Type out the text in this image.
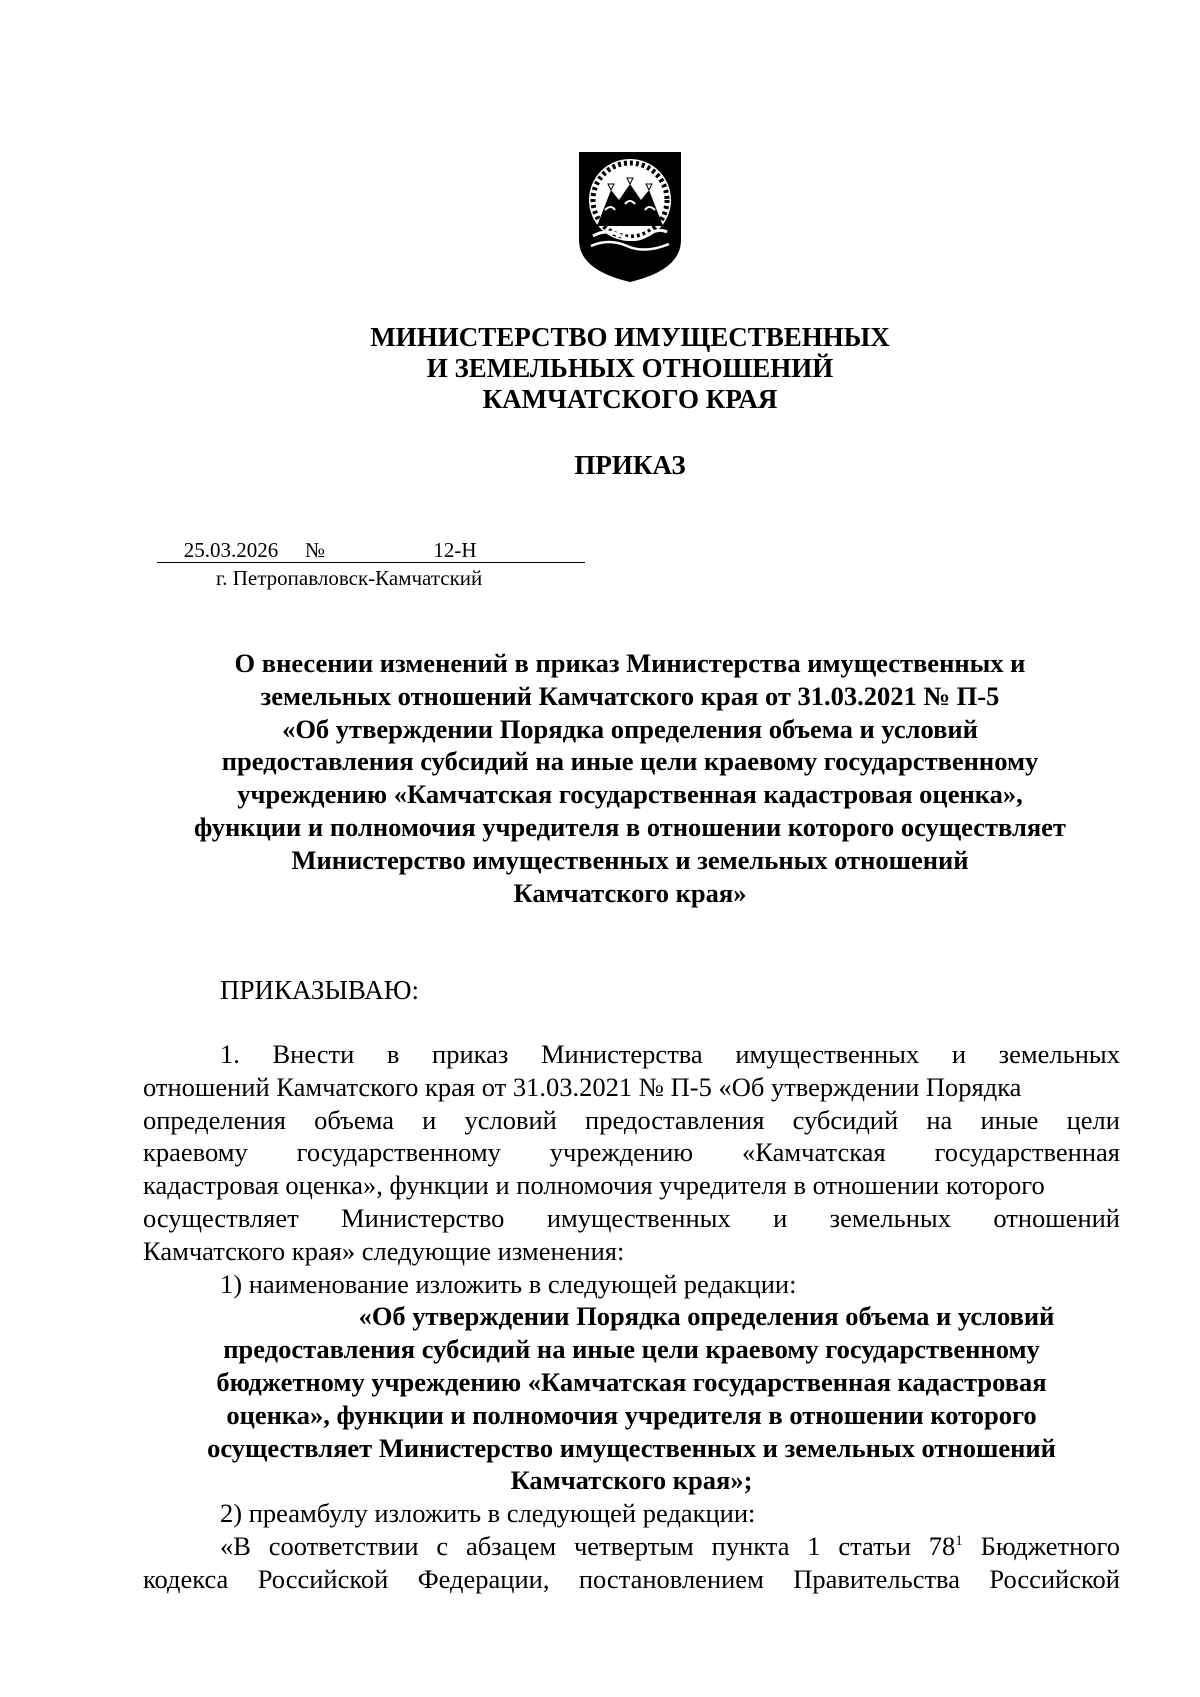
МИНИСТЕРСТВО ИМУЩЕСТВЕННЫХ
И ЗЕМЕЛЬНЫХ ОТНОШЕНИЙ
КАМЧАТСКОГО КРАЯ
ПРИКАЗ
25.03.2026 №	12-Н
г. Петропавловск-Камчатский
О внесении изменений в приказ Министерства имущественных и
земельных отношений Камчатского края от 31.03.2021 № П-5
«Об утверждении Порядка определения объема и условий
предоставления субсидий на иные цели краевому государственному
учреждению «Камчатская государственная кадастровая оценка»,
функции и полномочия учредителя в отношении которого осуществляет
Министерство имущественных и земельных отношений
Камчатского края»
ПРИКАЗЫВАЮ:
1. Внести в приказ Министерства имущественных и земельных
отношений Камчатского края от 31.03.2021 № П-5 «Об утверждении Порядка
определения объема и условий предоставления субсидий на иные цели
краевому государственному учреждению «Камчатская государственная
кадастровая оценка», функции и полномочия учредителя в отношении которого
осуществляет Министерство имущественных и земельных отношений
Камчатского края» следующие изменения:
1) наименование изложить в следующей редакции:
«Об утверждении Порядка определения объема и условий
предоставления субсидий на иные цели краевому государственному
бюджетному учреждению «Камчатская государственная кадастровая
оценка», функции и полномочия учредителя в отношении которого
осуществляет Министерство имущественных и земельных отношений
Камчатского края»;
2) преамбулу изложить в следующей редакции:
«В соответствии с абзацем четвертым пункта 1 статьи $78^1$ Бюджетного
кодекса Российской Федерации, постановлением Правительства Российской
